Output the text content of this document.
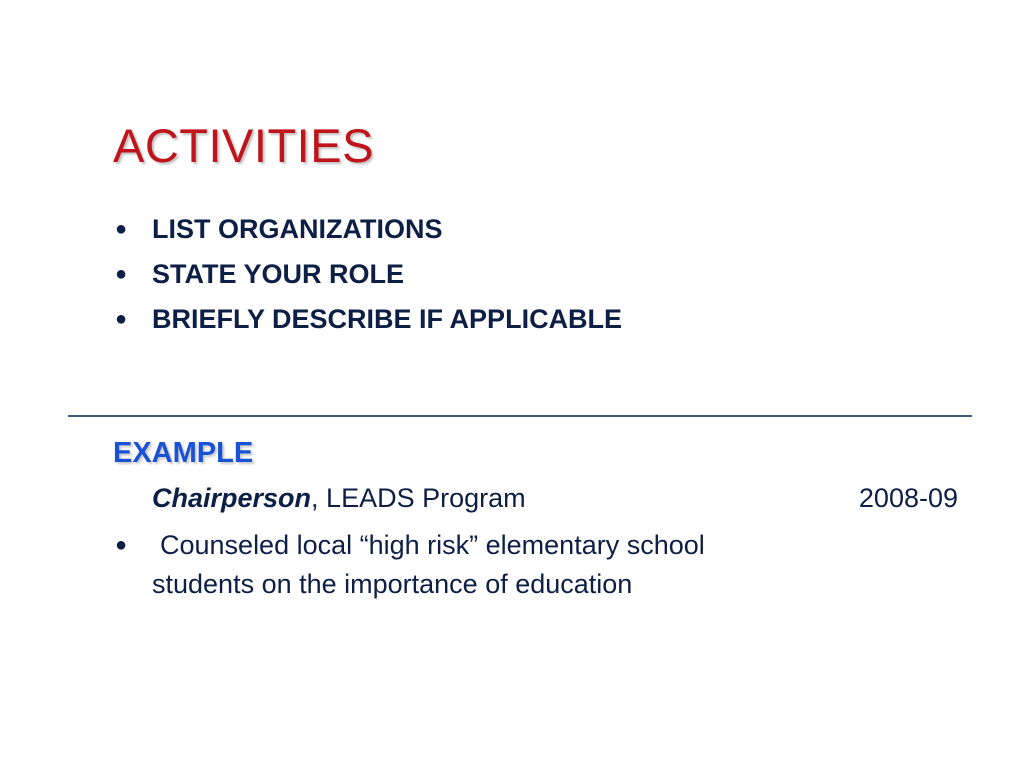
ACTIVITIES
● LIST ORGANIZATIONS
● STATE YOUR ROLE
● BRIEFLY DESCRIBE IF APPLICABLE
EXAMPLE
Chairperson, LEADS Program	2008-09
● Counseled local “high risk” elementary school
students on the importance of education
